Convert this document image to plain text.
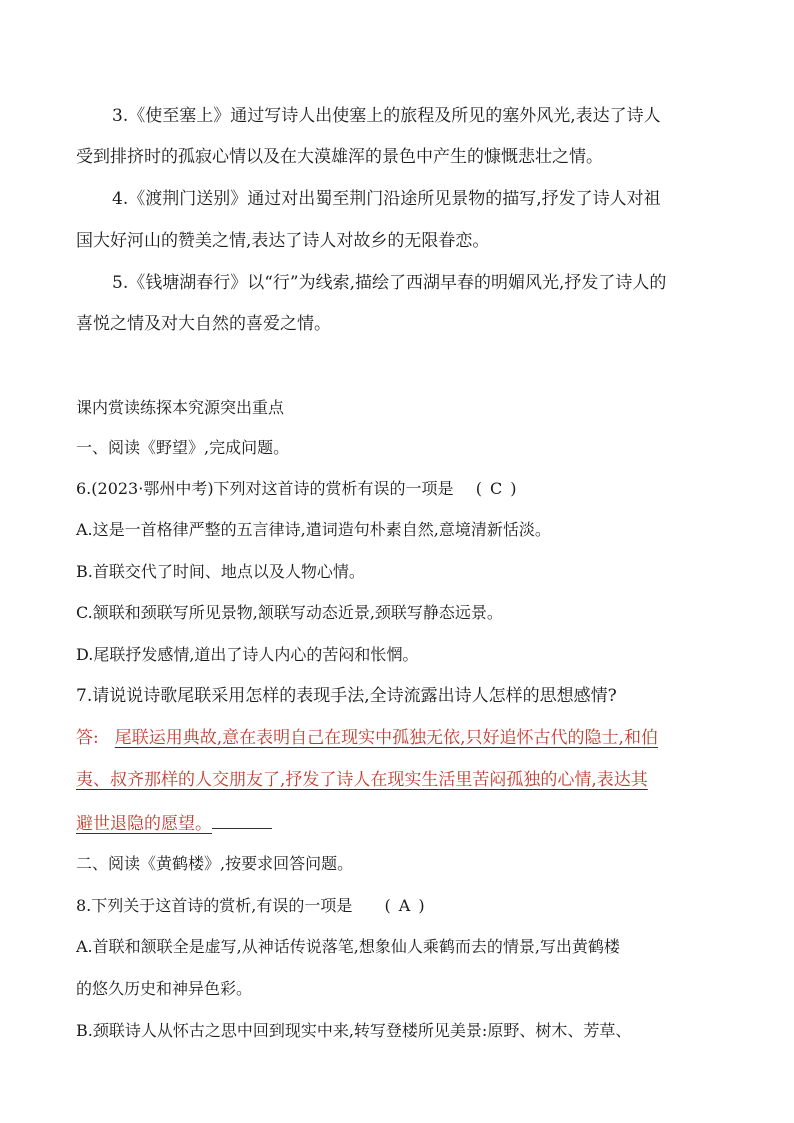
3.《使至塞上》通过写诗人出使塞上的旅程及所见的塞外风光,表达了诗人
受到排挤时的孤寂心情以及在大漠雄浑的景色中产生的慷慨悲壮之情。
4.《渡荆门送别》通过对出蜀至荆门沿途所见景物的描写,抒发了诗人对祖
国大好河山的赞美之情,表达了诗人对故乡的无限眷恋。
5.《钱塘湖春行》以“行”为线索,描绘了西湖早春的明媚风光,抒发了诗人的
喜悦之情及对大自然的喜爱之情。
课内赏读练探本究源突出重点
一、阅读《野望》,完成问题。
6.(2023·鄂州中考)下列对这首诗的赏析有误的一项是 ( C )
A.这是一首格律严整的五言律诗,遣词造句朴素自然,意境清新恬淡。
B.首联交代了时间、地点以及人物心情。
C.颔联和颈联写所见景物,颔联写动态近景,颈联写静态远景。
D.尾联抒发感情,道出了诗人内心的苦闷和怅惘。
7.请说说诗歌尾联采用怎样的表现手法,全诗流露出诗人怎样的思想感情?
答: 尾联运用典故,意在表明自己在现实中孤独无依,只好追怀古代的隐士,和伯
夷、叔齐那样的人交朋友了,抒发了诗人在现实生活里苦闷孤独的心情,表达其
避世退隐的愿望。
二、阅读《黄鹤楼》,按要求回答问题。
8.下列关于这首诗的赏析,有误的一项是 ( A )
A.首联和颔联全是虚写,从神话传说落笔,想象仙人乘鹤而去的情景,写出黄鹤楼
的悠久历史和神异色彩。
B.颈联诗人从怀古之思中回到现实中来,转写登楼所见美景:原野、树木、芳草、
